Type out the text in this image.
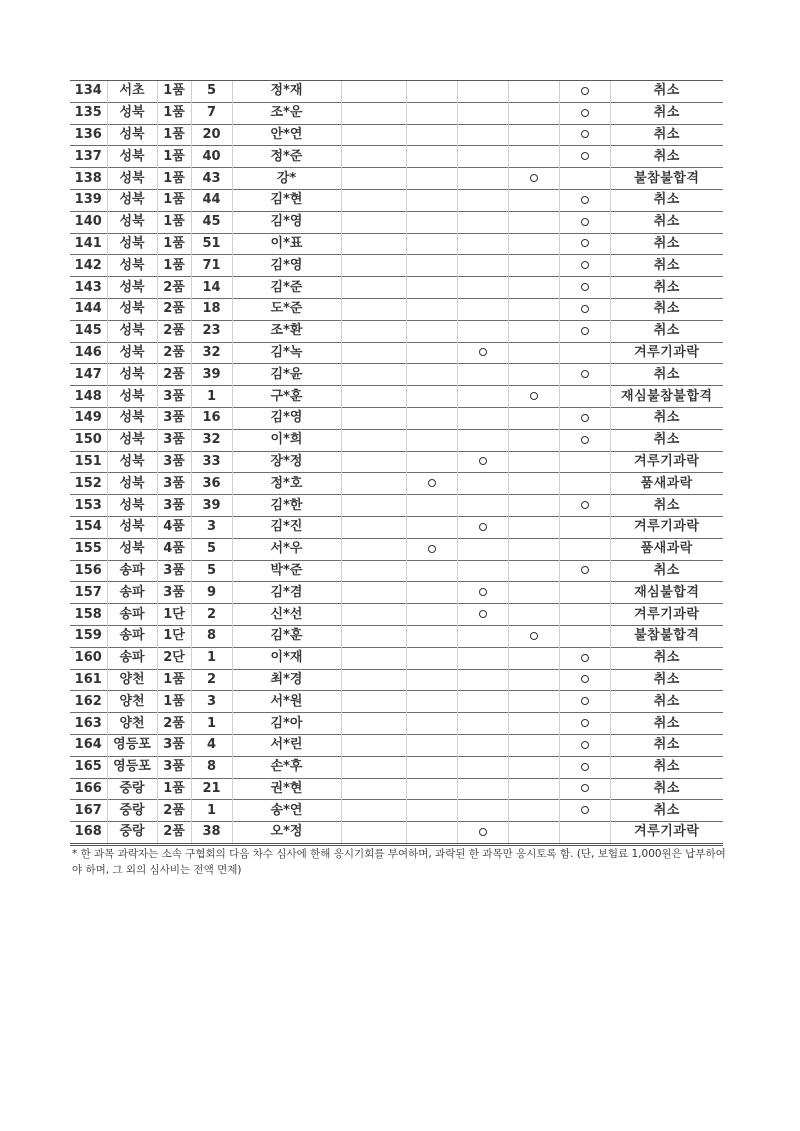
134	서초	1품	5	정*재						취소
135	성북	1품	7	조*운						취소
136	성북	1품	20	안*연						취소
137	성북	1품	40	정*준						취소
138	성북	1품	43	강*						불참불합격
139	성북	1품	44	김*현						취소
140	성북	1품	45	김*영						취소
141	성북	1품	51	이*표						취소
142	성북	1품	71	김*영						취소
143	성북	2품	14	김*준						취소
144	성북	2품	18	도*준						취소
145	성북	2품	23	조*환						취소
146	성북	2품	32	김*녹						겨루기과락
147	성북	2품	39	김*윤						취소
148	성북	3품	1	구*훈						재심불참불합격
149	성북	3품	16	김*영						취소
150	성북	3품	32	이*희						취소
151	성북	3품	33	장*정						겨루기과락
152	성북	3품	36	정*호						품새과락
153	성북	3품	39	김*한						취소
154	성북	4품	3	김*진						겨루기과락
155	성북	4품	5	서*우						품새과락
156	송파	3품	5	박*준						취소
157	송파	3품	9	김*겸						재심불합격
158	송파	1단	2	신*선						겨루기과락
159	송파	1단	8	김*훈						불참불합격
160	송파	2단	1	이*재						취소
161	양천	1품	2	최*경						취소
162	양천	1품	3	서*원						취소
163	양천	2품	1	김*아						취소
164	영등포	3품	4	서*린						취소
165	영등포	3품	8	손*후						취소
166	중랑	1품	21	권*현						취소
167	중랑	2품	1	송*연						취소
168	중랑	2품	38	오*정						겨루기과락
* 한 과목 과락자는 소속 구협회의 다음 차수 심사에 한해 응시기회를 부여하며, 과락된 한 과목만 응시토록 함. (단, 보험료 1,000원은 납부하여야 하며, 그 외의 심사비는 전액 면제)
